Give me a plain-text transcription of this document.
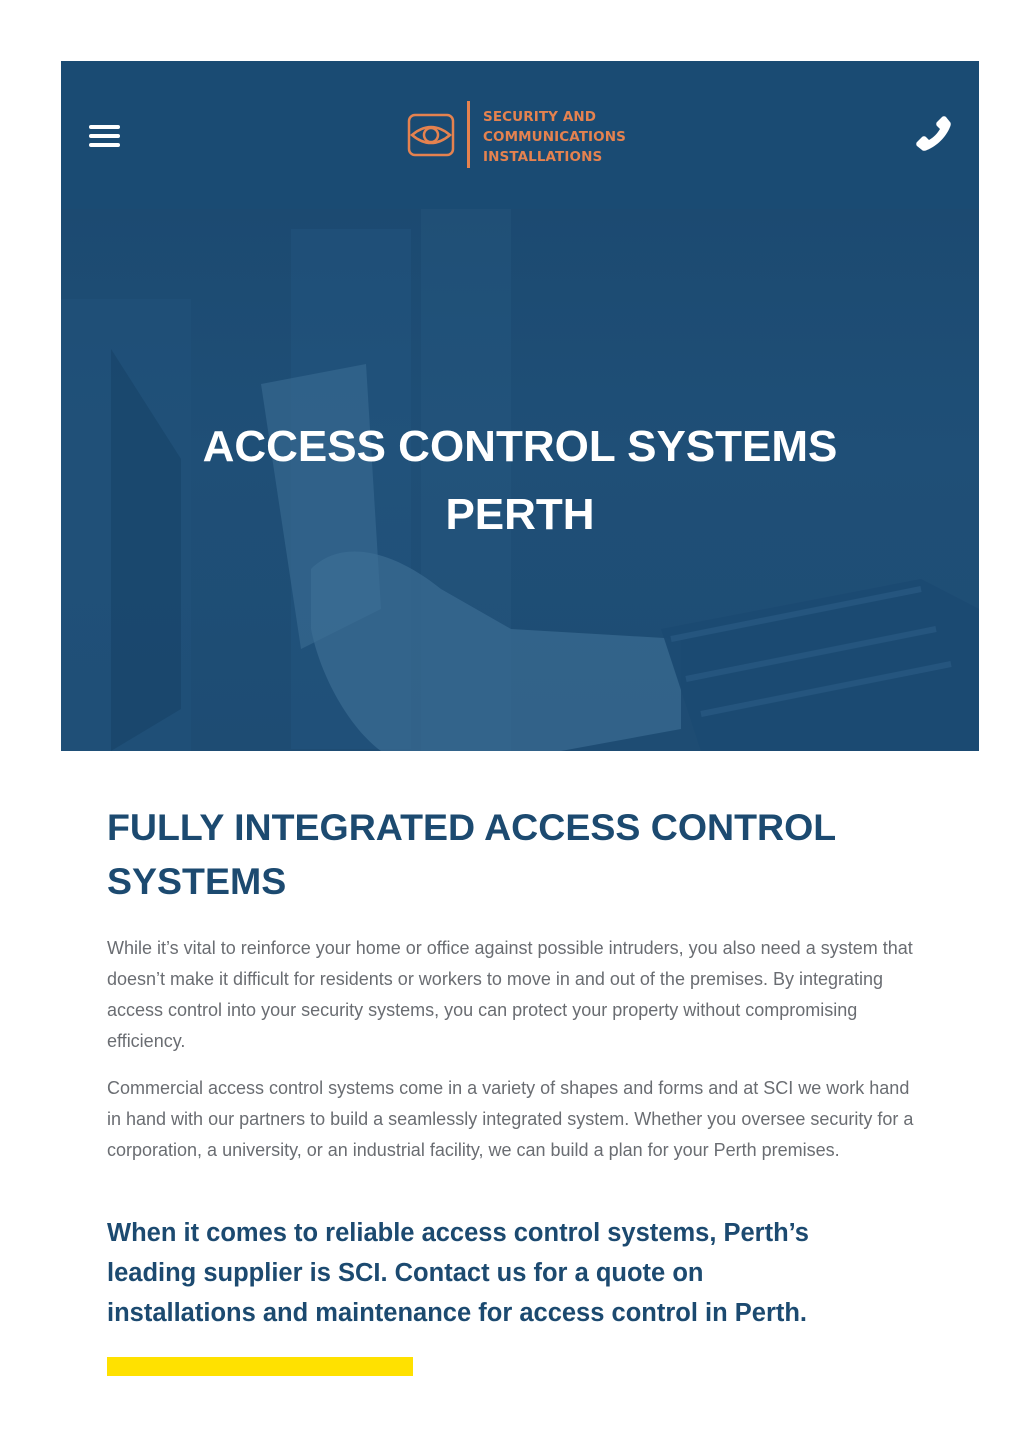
SECURITY AND
COMMUNICATIONS
INSTALLATIONS
ACCESS CONTROL SYSTEMS
PERTH
FULLY INTEGRATED ACCESS CONTROL
SYSTEMS

While it’s vital to reinforce your home or office against possible intruders, you also need a system that doesn’t make it difficult for residents or workers to move in and out of the premises. By integrating access control into your security systems, you can protect your property without compromising efficiency.

Commercial access control systems come in a variety of shapes and forms and at SCI we work hand in hand with our partners to build a seamlessly integrated system. Whether you oversee security for a corporation, a university, or an industrial facility, we can build a plan for your Perth premises.

When it comes to reliable access control systems, Perth’s
leading supplier is SCI. Contact us for a quote on
installations and maintenance for access control in Perth.
